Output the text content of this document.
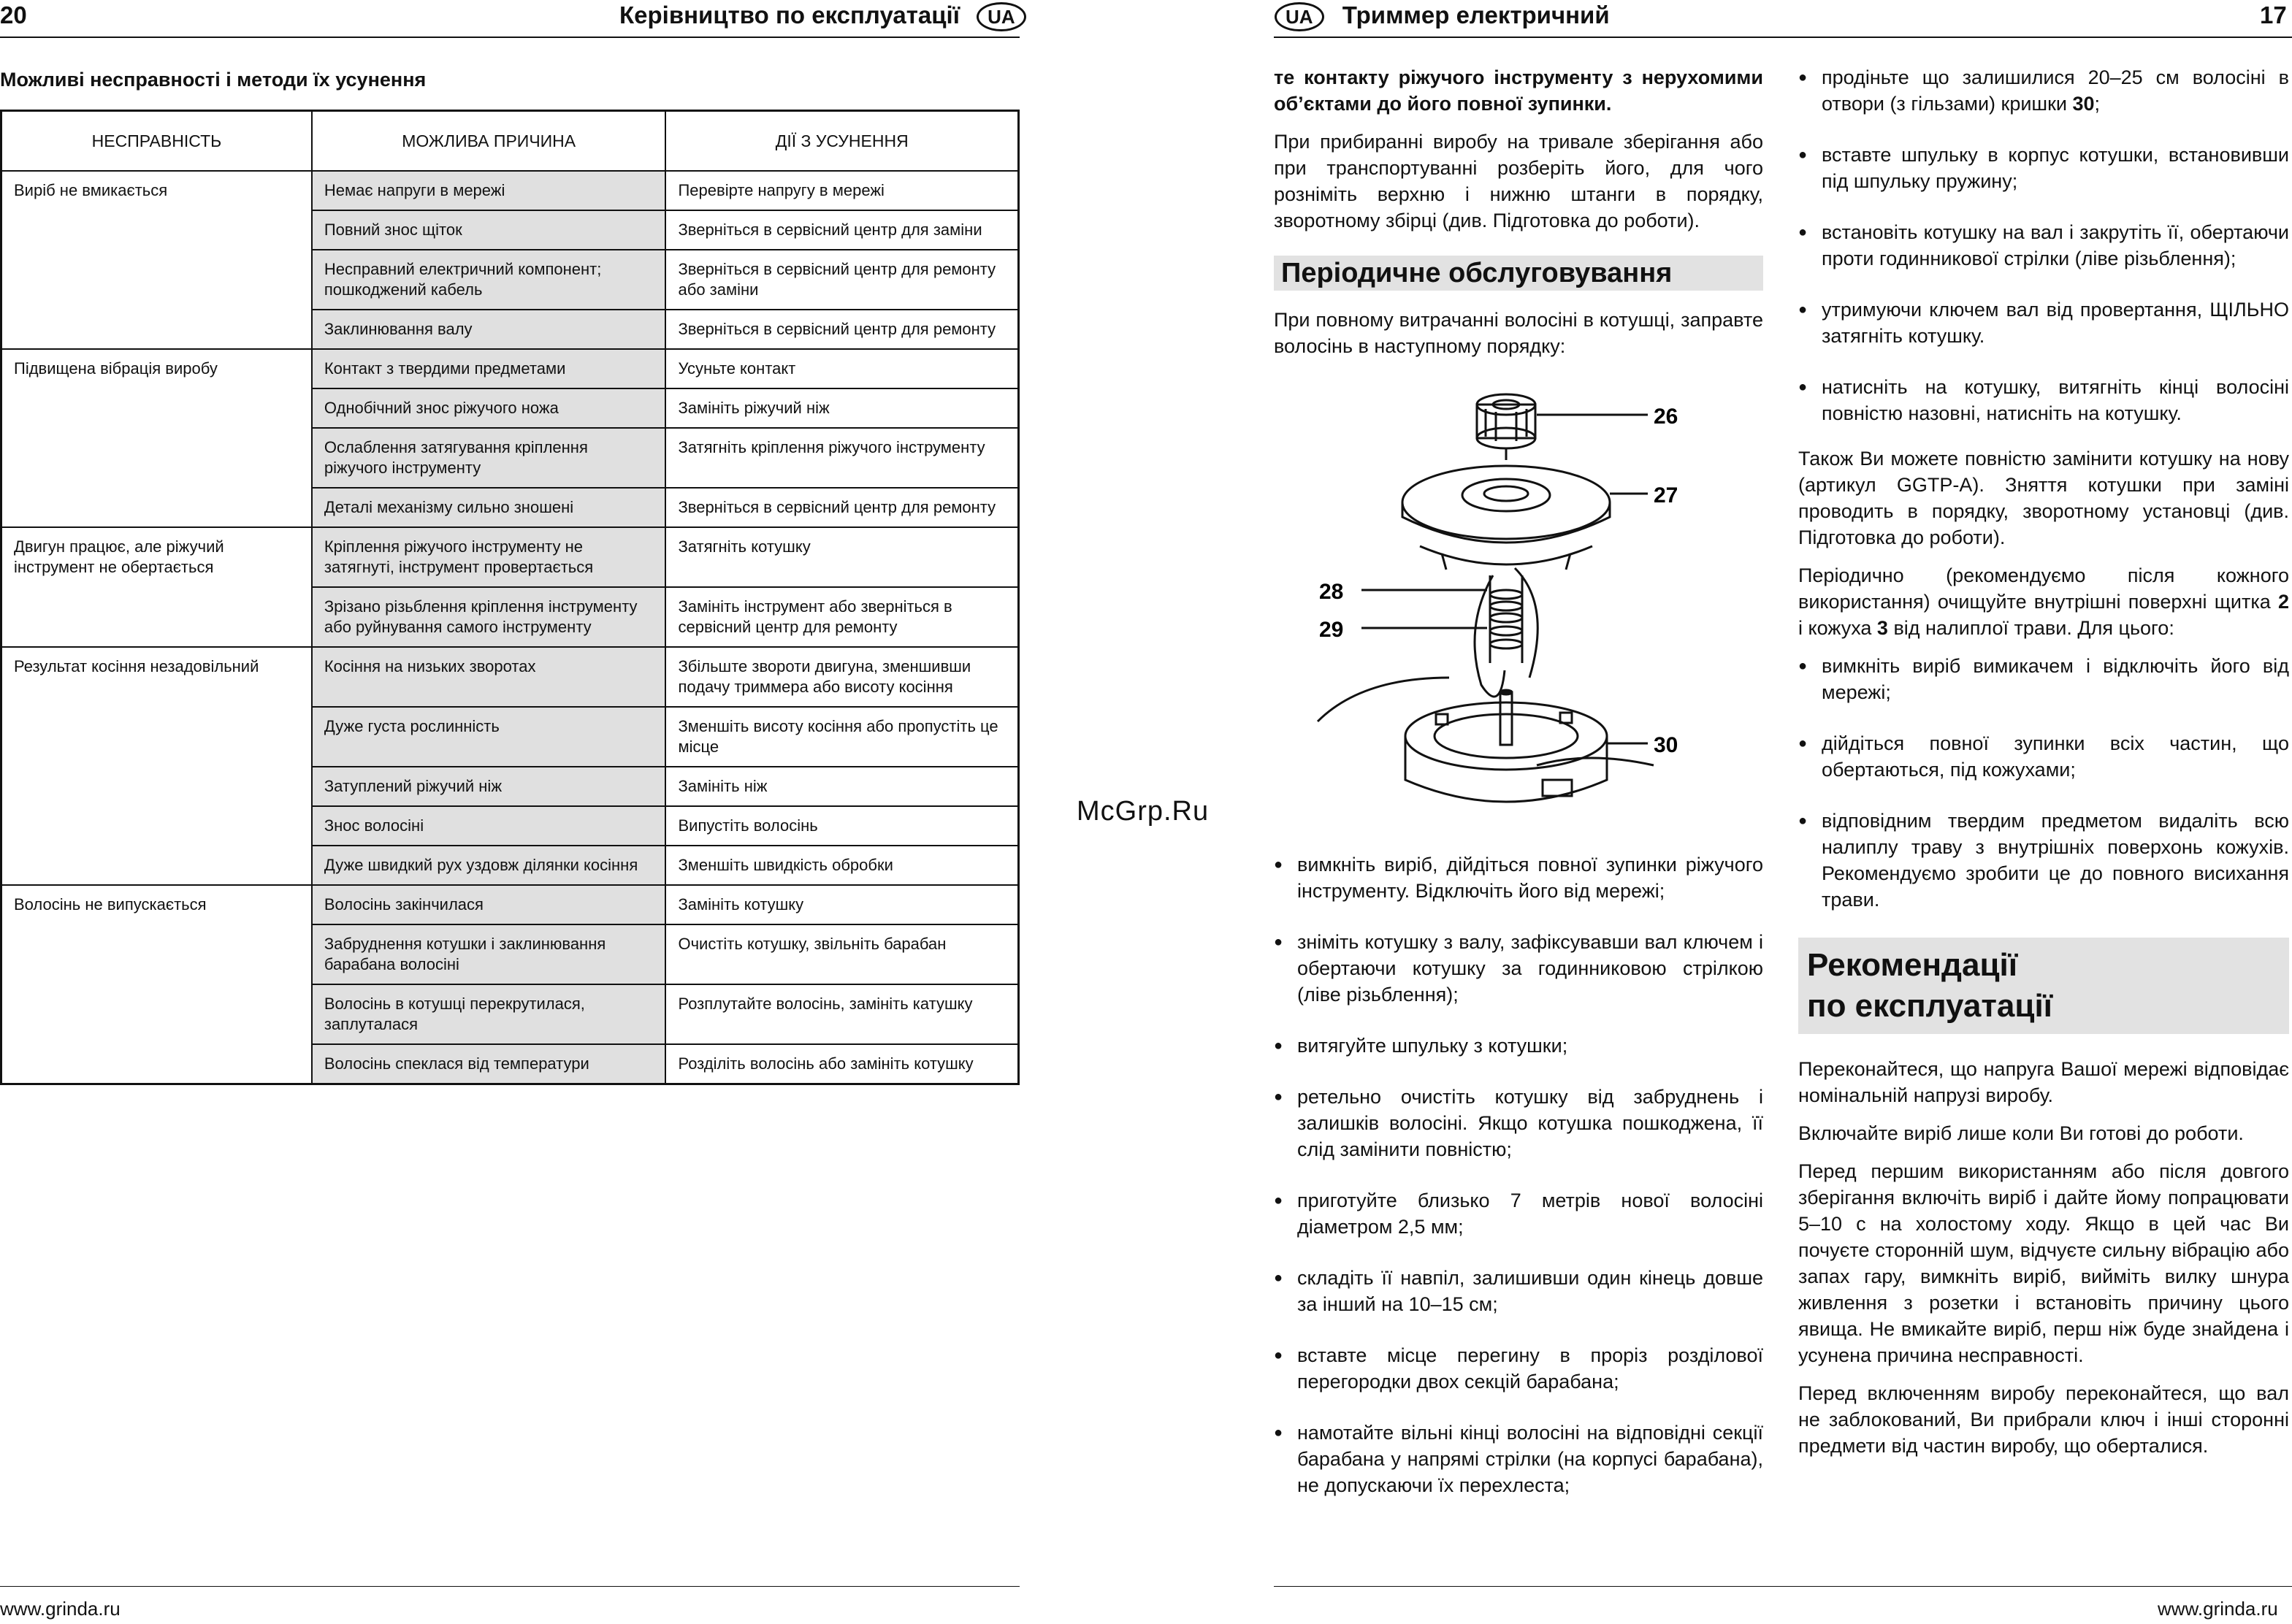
20	Керівництво по експлуатації UA
Можливі несправності і методи їх усунення
НЕСПРАВНІСТЬ	МОЖЛИВА ПРИЧИНА	ДІЇ З УСУНЕННЯ
Виріб не вмикається	Немає напруги в мережі	Перевірте напругу в мережі
	Повний знос щіток	Зверніться в сервісний центр для заміни
	Несправний електричний компонент; пошкоджений кабель	Зверніться в сервісний центр для ремонту або заміни
	Заклинювання валу	Зверніться в сервісний центр для ремонту
Підвищена вібрація виробу	Контакт з твердими предметами	Усуньте контакт
	Однобічний знос ріжучого ножа	Замініть ріжучий ніж
	Ослаблення затягування кріплення ріжучого інструменту	Затягніть кріплення ріжучого інструменту
	Деталі механізму сильно зношені	Зверніться в сервісний центр для ремонту
Двигун працює, але ріжучий інструмент не обертається	Кріплення ріжучого інструменту не затягнуті, інструмент провертається	Затягніть котушку
	Зрізано різьблення кріплення інструменту або руйнування самого інструменту	Замініть інструмент або зверніться в сервісний центр для ремонту
Результат косіння незадовільний	Косіння на низьких зворотах	Збільште звороти двигуна, зменшивши подачу триммера або висоту косіння
	Дуже густа рослинність	Зменшіть висоту косіння або пропустіть це місце
	Затуплений ріжучий ніж	Замініть ніж
	Знос волосіні	Випустіть волосінь
	Дуже швидкий рух уздовж ділянки косіння	Зменшіть швидкість обробки
Волосінь не випускається	Волосінь закінчилася	Замініть котушку
	Забруднення котушки і заклинювання барабана волосіні	Очистіть котушку, звільніть барабан
	Волосінь в котушці перекрутилася, заплуталася	Розплутайте волосінь, замініть катушку
	Волосінь спеклася від температури	Розділіть волосінь або замініть котушку
www.grinda.ru
McGrp.Ru
UA Триммер електричний	17

те контакту ріжучого інструменту з нерухомими об’єктами до його повної зупинки.

При прибиранні виробу на тривале зберігання або при транспортуванні розберіть його, для чого розніміть верхню і нижню штанги в порядку, зворотному збірці (див. Підготовка до роботи).

Періодичне обслуговування

При повному витрачанні волосіні в котушці, заправте волосінь в наступному порядку:

26
27
28
29
30
● вимкніть виріб, дійдіться повної зупинки ріжучого інструменту. Відключіть його від мережі;
● зніміть котушку з валу, зафіксувавши вал ключем і обертаючи котушку за годинниковою стрілкою (ліве різьблення);
● витягуйте шпульку з котушки;
● ретельно очистіть котушку від забруднень і залишків волосіні. Якщо котушка пошкоджена, її слід замінити повністю;
● приготуйте близько 7 метрів нової волосіні діаметром 2,5 мм;
● складіть її навпіл, залишивши один кінець довше за інший на 10–15 см;
● вставте місце перегину в проріз розділової перегородки двох секцій барабана;
● намотайте вільні кінці волосіні на відповідні секції барабана у напрямі стрілки (на корпусі барабана), не допускаючи їх перехлеста;
● продіньте що залишилися 20–25 см волосіні в отвори (з гільзами) кришки 30;
● вставте шпульку в корпус котушки, встановивши під шпульку пружину;
● встановіть котушку на вал і закрутіть її, обертаючи проти годинникової стрілки (ліве різьблення);
● утримуючи ключем вал від провертання, ЩІЛЬНО затягніть котушку.
● натисніть на котушку, витягніть кінці волосіні повністю назовні, натисніть на котушку.

Також Ви можете повністю замінити котушку на нову (артикул GGTP-A). Зняття котушки при заміні проводить в порядку, зворотному установці (див. Підготовка до роботи).

Періодично (рекомендуємо після кожного використання) очищуйте внутрішні поверхні щитка 2 і кожуха 3 від налиплої трави. Для цього:

● вимкніть виріб вимикачем і відключіть його від мережі;
● дійдіться повної зупинки всіх частин, що обертаються, під кожухами;
● відповідним твердим предметом видаліть всю налиплу траву з внутрішніх поверхонь кожухів. Рекомендуємо зробити це до повного висихання трави.
Рекомендації
по експлуатації

Переконайтеся, що напруга Вашої мережі відповідає номінальній напрузі виробу.

Включайте виріб лише коли Ви готові до роботи.

Перед першим використанням або після довгого зберігання включіть виріб і дайте йому попрацювати 5–10 с на холостому ходу. Якщо в цей час Ви почуєте сторонній шум, відчуєте сильну вібрацію або запах гару, вимкніть виріб, вийміть вилку шнура живлення з розетки і встановіть причину цього явища. Не вмикайте виріб, перш ніж буде знайдена і усунена причина несправності.

Перед включенням виробу переконайтеся, що вал не заблокований, Ви прибрали ключ і інші сторонні предмети від частин виробу, що оберталися.

www.grinda.ru
